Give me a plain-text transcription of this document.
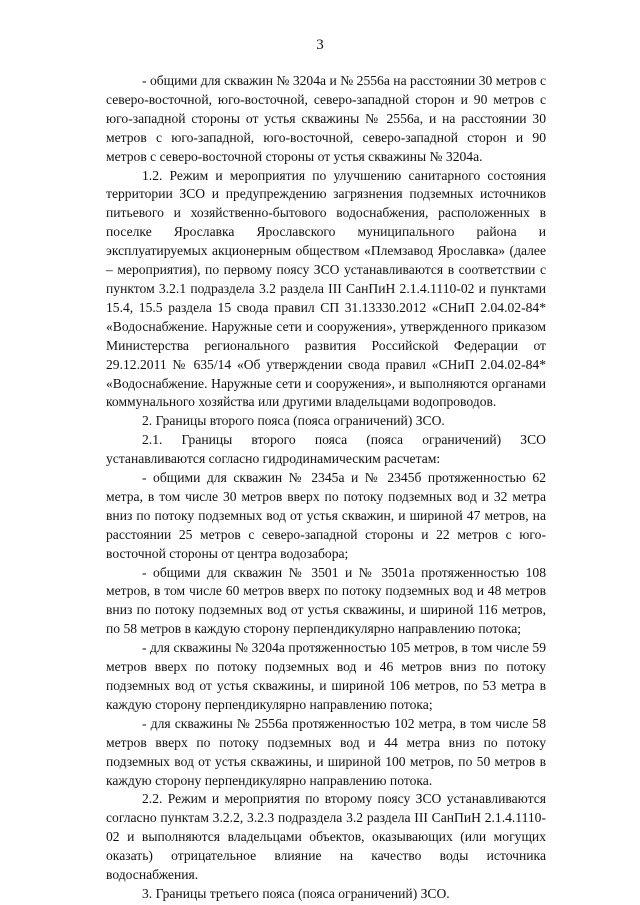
3

- общими для скважин № 3204а и № 2556а на расстоянии 30 метров с северо-восточной, юго-восточной, северо-западной сторон и 90 метров с юго-западной стороны от устья скважины № 2556а, и на расстоянии 30 метров с юго-западной, юго-восточной, северо-западной сторон и 90 метров с северо-восточной стороны от устья скважины № 3204а.

1.2. Режим и мероприятия по улучшению санитарного состояния территории ЗСО и предупреждению загрязнения подземных источников питьевого и хозяйственно-бытового водоснабжения, расположенных в поселке Ярославка Ярославского муниципального района и эксплуатируемых акционерным обществом «Племзавод Ярославка» (далее – мероприятия), по первому поясу ЗСО устанавливаются в соответствии с пунктом 3.2.1 подраздела 3.2 раздела III СанПиН 2.1.4.1110-02 и пунктами 15.4, 15.5 раздела 15 свода правил СП 31.13330.2012 «СНиП 2.04.02-84* «Водоснабжение. Наружные сети и сооружения», утвержденного приказом Министерства регионального развития Российской Федерации от 29.12.2011 № 635/14 «Об утверждении свода правил «СНиП 2.04.02-84* «Водоснабжение. Наружные сети и сооружения», и выполняются органами коммунального хозяйства или другими владельцами водопроводов.

2. Границы второго пояса (пояса ограничений) ЗСО.

2.1. Границы второго пояса (пояса ограничений) ЗСО устанавливаются согласно гидродинамическим расчетам:

- общими для скважин № 2345а и № 2345б протяженностью 62 метра, в том числе 30 метров вверх по потоку подземных вод и 32 метра вниз по потоку подземных вод от устья скважин, и шириной 47 метров, на расстоянии 25 метров с северо-западной стороны и 22 метров с юго-восточной стороны от центра водозабора;

- общими для скважин № 3501 и № 3501а протяженностью 108 метров, в том числе 60 метров вверх по потоку подземных вод и 48 метров вниз по потоку подземных вод от устья скважины, и шириной 116 метров, по 58 метров в каждую сторону перпендикулярно направлению потока;

- для скважины № 3204а протяженностью 105 метров, в том числе 59 метров вверх по потоку подземных вод и 46 метров вниз по потоку подземных вод от устья скважины, и шириной 106 метров, по 53 метра в каждую сторону перпендикулярно направлению потока;

- для скважины № 2556а протяженностью 102 метра, в том числе 58 метров вверх по потоку подземных вод и 44 метра вниз по потоку подземных вод от устья скважины, и шириной 100 метров, по 50 метров в каждую сторону перпендикулярно направлению потока.

2.2. Режим и мероприятия по второму поясу ЗСО устанавливаются согласно пунктам 3.2.2, 3.2.3 подраздела 3.2 раздела III СанПиН 2.1.4.1110-02 и выполняются владельцами объектов, оказывающих (или могущих оказать) отрицательное влияние на качество воды источника водоснабжения.

3. Границы третьего пояса (пояса ограничений) ЗСО.
